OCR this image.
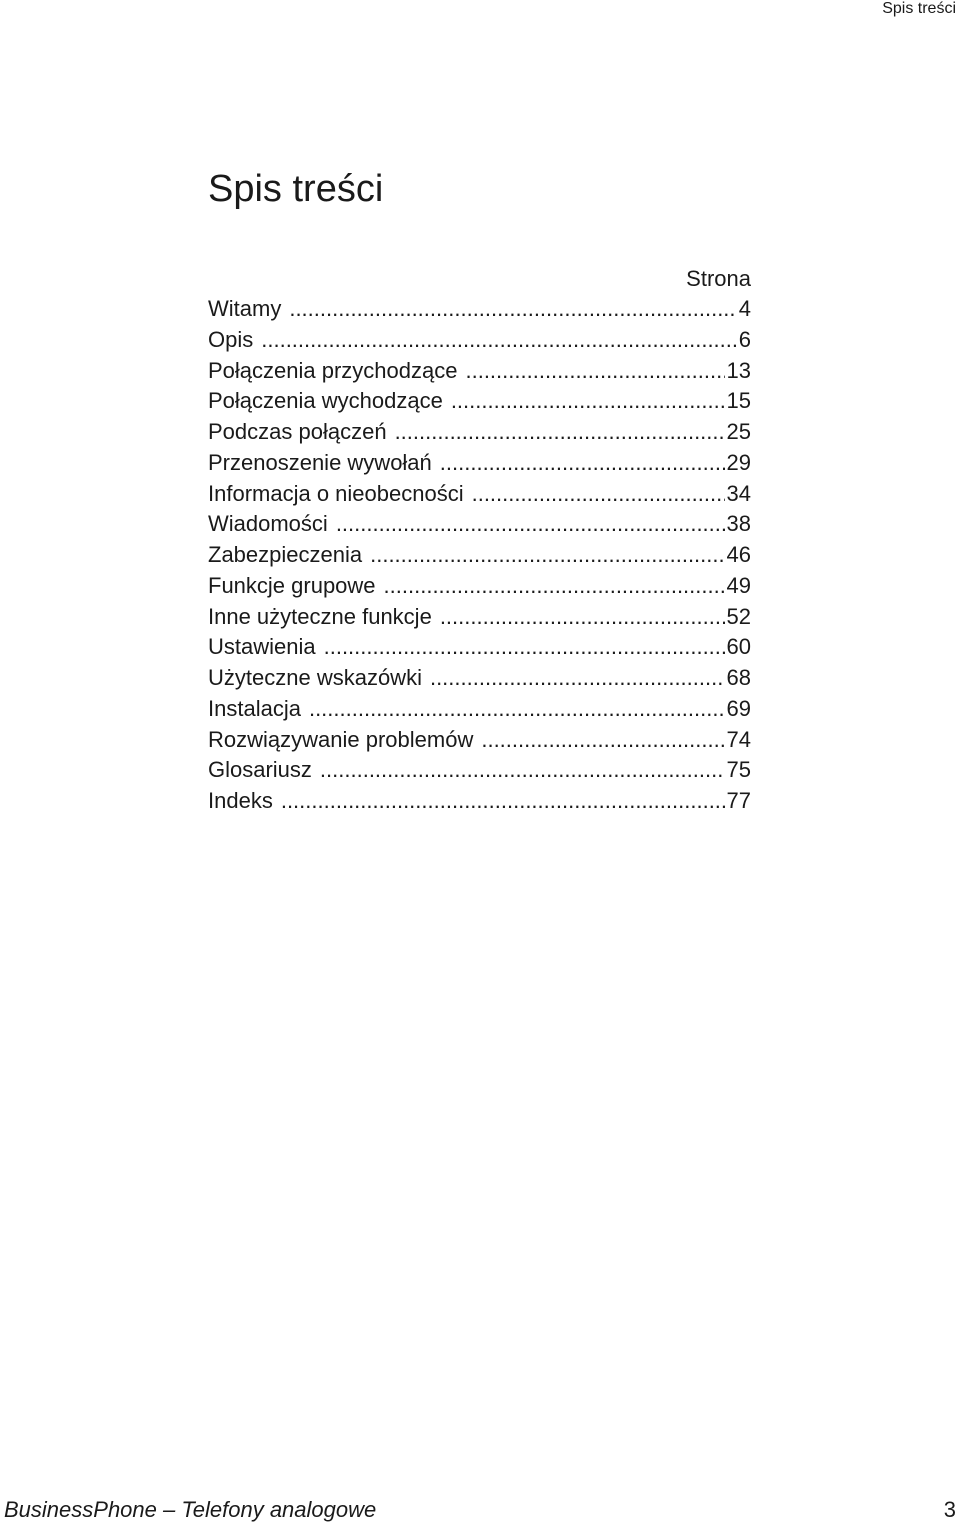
Spis treści
Spis treści
Strona
Witamy .....	4
Opis .....	6
Połączenia przychodzące .....	13
Połączenia wychodzące .....	15
Podczas połączeń .....	25
Przenoszenie wywołań .....	29
Informacja o nieobecności .....	34
Wiadomości .....	38
Zabezpieczenia .....	46
Funkcje grupowe .....	49
Inne użyteczne funkcje .....	52
Ustawienia .....	60
Użyteczne wskazówki .....	68
Instalacja .....	69
Rozwiązywanie problemów .....	74
Glosariusz .....	75
Indeks .....	77
BusinessPhone – Telefony analogowe	3
